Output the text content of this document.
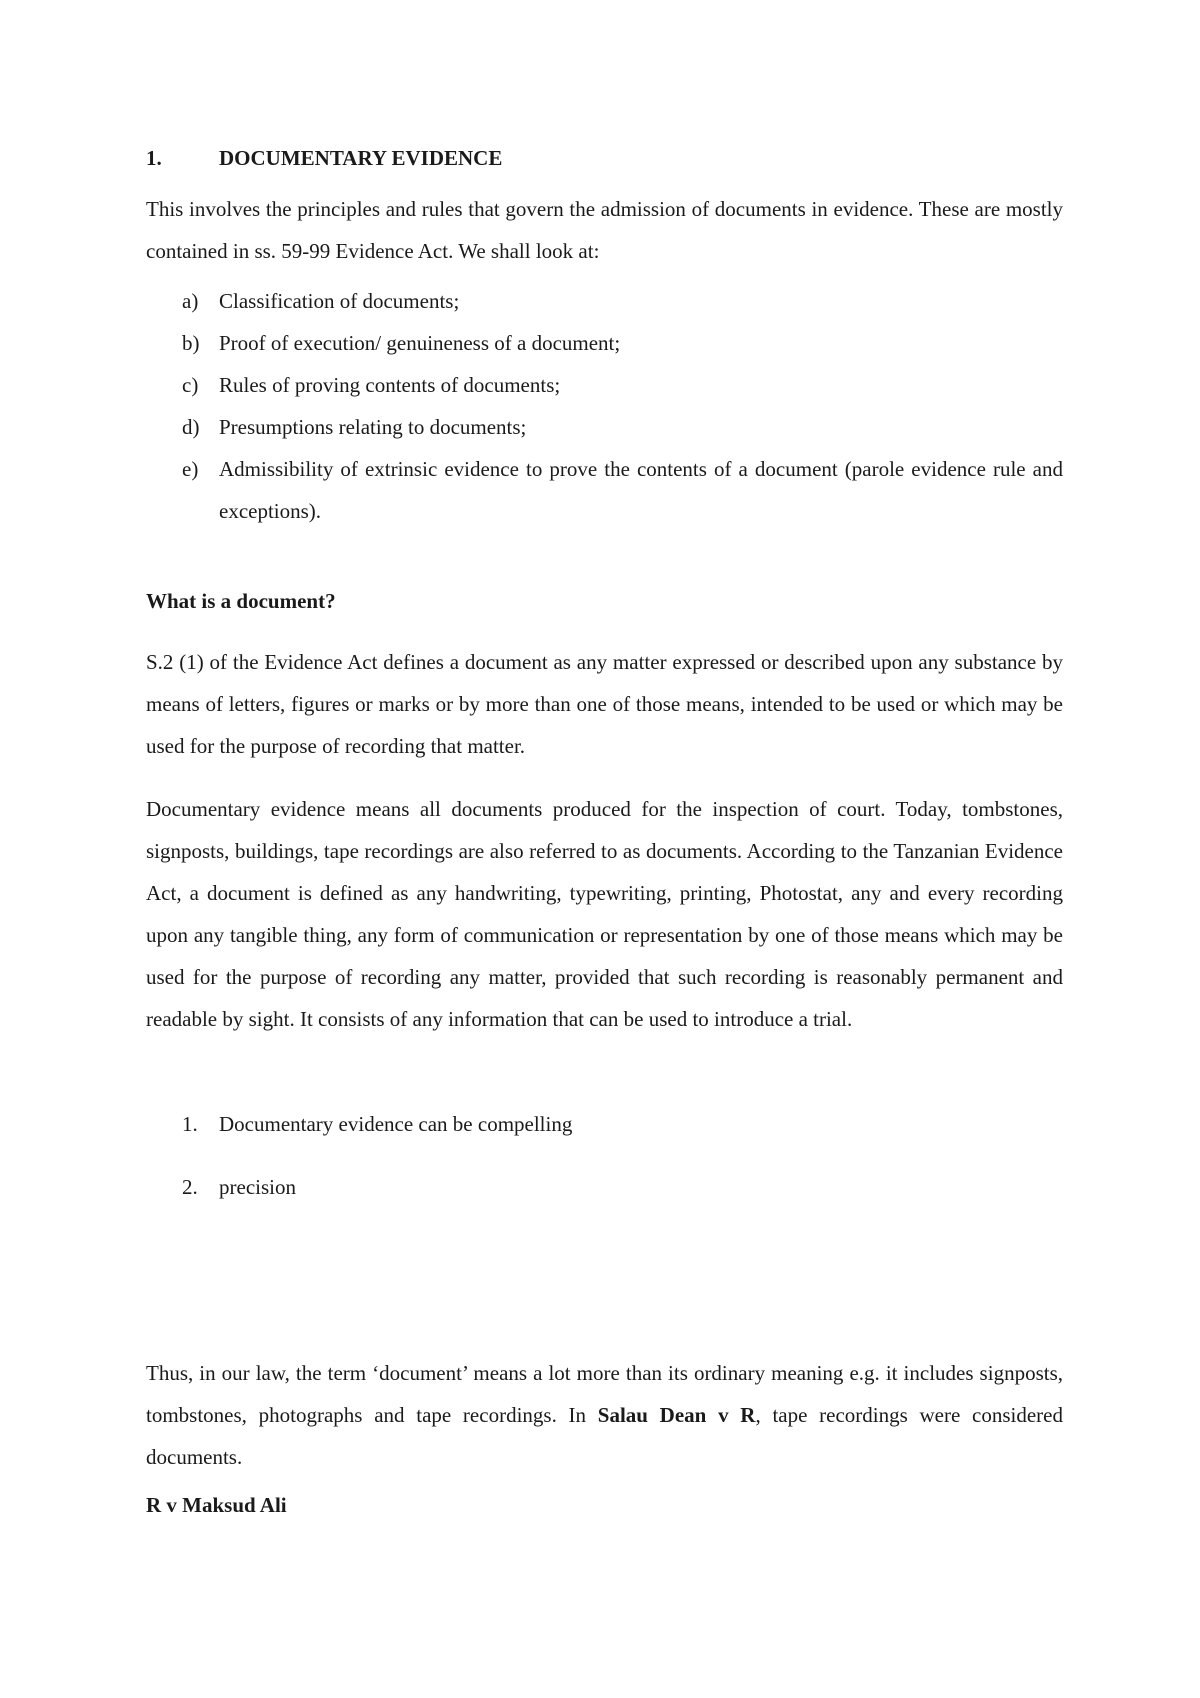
1.	DOCUMENTARY EVIDENCE

This involves the principles and rules that govern the admission of documents in evidence. These are mostly contained in ss. 59-99 Evidence Act. We shall look at:

a) Classification of documents;
b) Proof of execution/ genuineness of a document;
c) Rules of proving contents of documents;
d) Presumptions relating to documents;
e) Admissibility of extrinsic evidence to prove the contents of a document (parole evidence rule and exceptions).
What is a document?

S.2 (1) of the Evidence Act defines a document as any matter expressed or described upon any substance by means of letters, figures or marks or by more than one of those means, intended to be used or which may be used for the purpose of recording that matter.

Documentary evidence means all documents produced for the inspection of court. Today, tombstones, signposts, buildings, tape recordings are also referred to as documents. According to the Tanzanian Evidence Act, a document is defined as any handwriting, typewriting, printing, Photostat, any and every recording upon any tangible thing, any form of communication or representation by one of those means which may be used for the purpose of recording any matter, provided that such recording is reasonably permanent and readable by sight. It consists of any information that can be used to introduce a trial.

1.	Documentary evidence can be compelling
2.	precision

Thus, in our law, the term ‘document’ means a lot more than its ordinary meaning e.g. it includes signposts, tombstones, photographs and tape recordings. In Salau Dean v R, tape recordings were considered documents.

R v Maksud Ali
